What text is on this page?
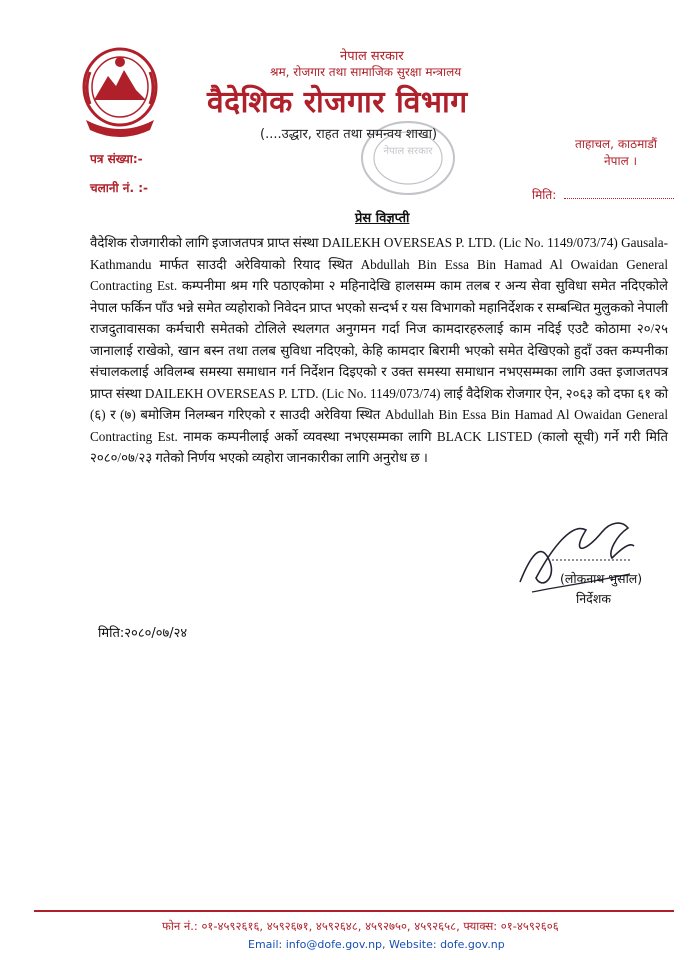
नेपाल सरकार
श्रम, रोजगार तथा सामाजिक सुरक्षा मन्त्रालय
वैदेशिक रोजगार विभाग
(....उद्धार, राहत तथा समन्वय शाखा)
ताहाचल, काठमाडौं
नेपाल ।
पत्र संख्या:-
चलानी नं. :-	मिति:
नेपाल सरकार
प्रेस विज्ञप्ती
वैदेशिक रोजगारीको लागि इजाजतपत्र प्राप्त संस्था DAILEKH OVERSEAS P. LTD. (Lic No. 1149/073/74) Gausala- Kathmandu मार्फत साउदी अरेवियाको रियाद स्थित Abdullah Bin Essa Bin Hamad Al Owaidan General Contracting Est. कम्पनीमा श्रम गरि पठाएकोमा २ महिनादेखि हालसम्म काम तलब र अन्य सेवा सुविधा समेत नदिएकोले नेपाल फर्किन पाँउ भन्ने समेत व्यहोराको निवेदन प्राप्त भएको सन्दर्भ र यस विभागको महानिर्देशक र सम्बन्धित मुलुकको नेपाली राजदुतावासका कर्मचारी समेतको टोलिले स्थलगत अनुगमन गर्दा निज कामदारहरुलाई काम नदिई एउटै कोठामा २०/२५ जानालाई राखेको, खान बस्न तथा तलब सुविधा नदिएको, केहि कामदार बिरामी भएको समेत देखिएको हुदाँ उक्त कम्पनीका संचालकलाई अविलम्ब समस्या समाधान गर्न निर्देशन दिइएको र उक्त समस्या समाधान नभएसम्मका लागि उक्त इजाजतपत्र प्राप्त संस्था DAILEKH OVERSEAS P. LTD. (Lic No. 1149/073/74) लाई वैदेशिक रोजगार ऐन, २०६३ को दफा ६१ को (६) र (७) बमोजिम निलम्बन गरिएको र साउदी अरेविया स्थित Abdullah Bin Essa Bin Hamad Al Owaidan General Contracting Est. नामक कम्पनीलाई अर्को व्यवस्था नभएसम्मका लागि BLACK LISTED (कालो सूची) गर्ने गरी मिति २०८०/०७/२३ गतेको निर्णय भएको व्यहोरा जानकारीका लागि अनुरोध छ ।
(लोकनाथ भुसाल)
निर्देशक
मिति:२०८०/०७/२४
फोन नं.: ०१-४५९२६१६, ४५९२६७१, ४५९२६४८, ४५९२७५०, ४५९२६५८, फ्याक्स: ०१-४५९२६०६
Email: info@dofe.gov.np, Website: dofe.gov.np
